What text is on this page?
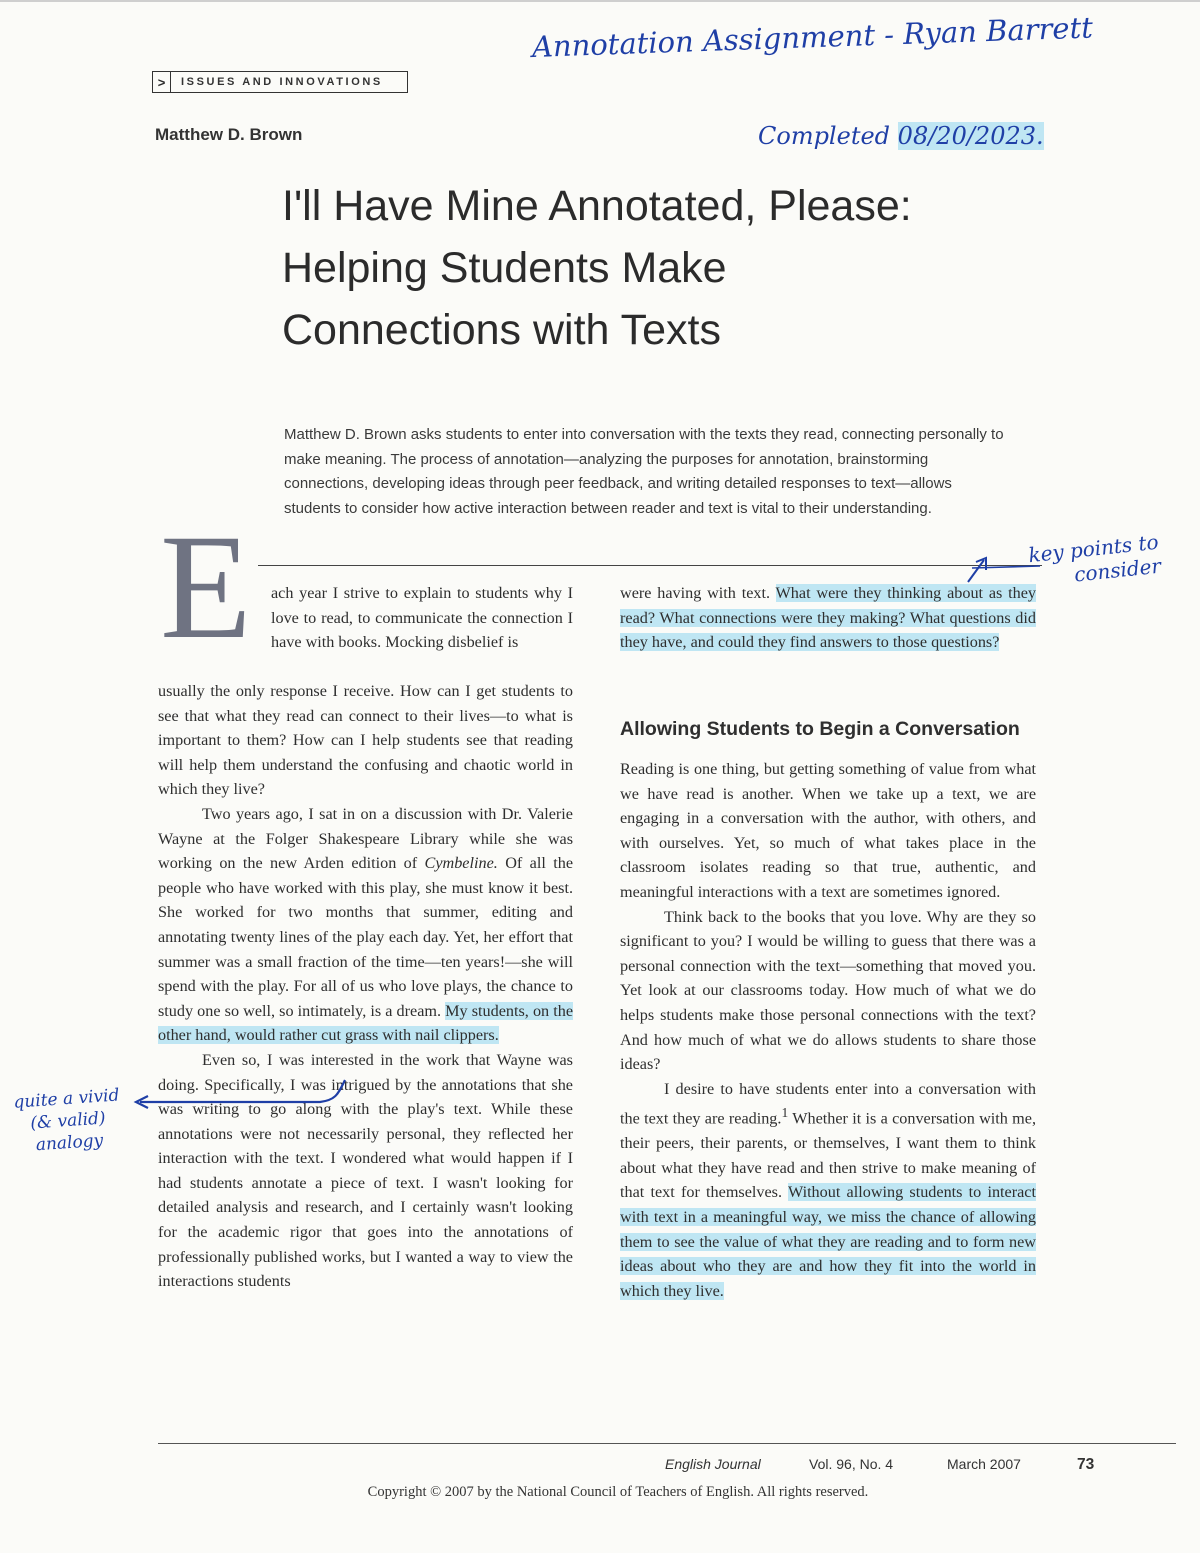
>	ISSUES AND INNOVATIONS
Matthew D. Brown
I'll Have Mine Annotated, Please:
Helping Students Make
Connections with Texts
Matthew D. Brown asks students to enter into conversation with the texts they read, connecting personally to make meaning. The process of annotation—analyzing the purposes for annotation, brainstorming connections, developing ideas through peer feedback, and writing detailed responses to text—allows students to consider how active interaction between reader and text is vital to their understanding.
E ach year I strive to explain to students why I love to read, to communicate the connection I have with books. Mocking disbelief is

usually the only response I receive. How can I get students to see that what they read can connect to their lives—to what is important to them? How can I help students see that reading will help them understand the confusing and chaotic world in which they live?

Two years ago, I sat in on a discussion with Dr. Valerie Wayne at the Folger Shakespeare Library while she was working on the new Arden edition of Cymbeline. Of all the people who have worked with this play, she must know it best. She worked for two months that summer, editing and annotating twenty lines of the play each day. Yet, her effort that summer was a small fraction of the time—ten years!—she will spend with the play. For all of us who love plays, the chance to study one so well, so intimately, is a dream. My students, on the other hand, would rather cut grass with nail clippers.

Even so, I was interested in the work that Wayne was doing. Specifically, I was intrigued by the annotations that she was writing to go along with the play's text. While these annotations were not necessarily personal, they reflected her interaction with the text. I wondered what would happen if I had students annotate a piece of text. I wasn't looking for detailed analysis and research, and I certainly wasn't looking for the academic rigor that goes into the annotations of professionally published works, but I wanted a way to view the interactions students

were having with text. What were they thinking about as they read? What connections were they making? What questions did they have, and could they find answers to those questions?

Allowing Students to Begin a Conversation

Reading is one thing, but getting something of value from what we have read is another. When we take up a text, we are engaging in a conversation with the author, with others, and with ourselves. Yet, so much of what takes place in the classroom isolates reading so that true, authentic, and meaningful interactions with a text are sometimes ignored.

Think back to the books that you love. Why are they so significant to you? I would be willing to guess that there was a personal connection with the text—something that moved you. Yet look at our classrooms today. How much of what we do helps students make those personal connections with the text? And how much of what we do allows students to share those ideas?

I desire to have students enter into a conversation with the text they are reading.$^1$ Whether it is a conversation with me, their peers, their parents, or themselves, I want them to think about what they have read and then strive to make meaning of that text for themselves. Without allowing students to interact with text in a meaningful way, we miss the chance of allowing them to see the value of what they are reading and to form new ideas about who they are and how they fit into the world in which they live.

English Journal	Vol. 96, No. 4	March 2007	73
Copyright © 2007 by the National Council of Teachers of English. All rights reserved.
Annotation Assignment - Ryan Barrett
Completed 08/20/2023.
key points to consider
quite a vivid (& valid) analogy
